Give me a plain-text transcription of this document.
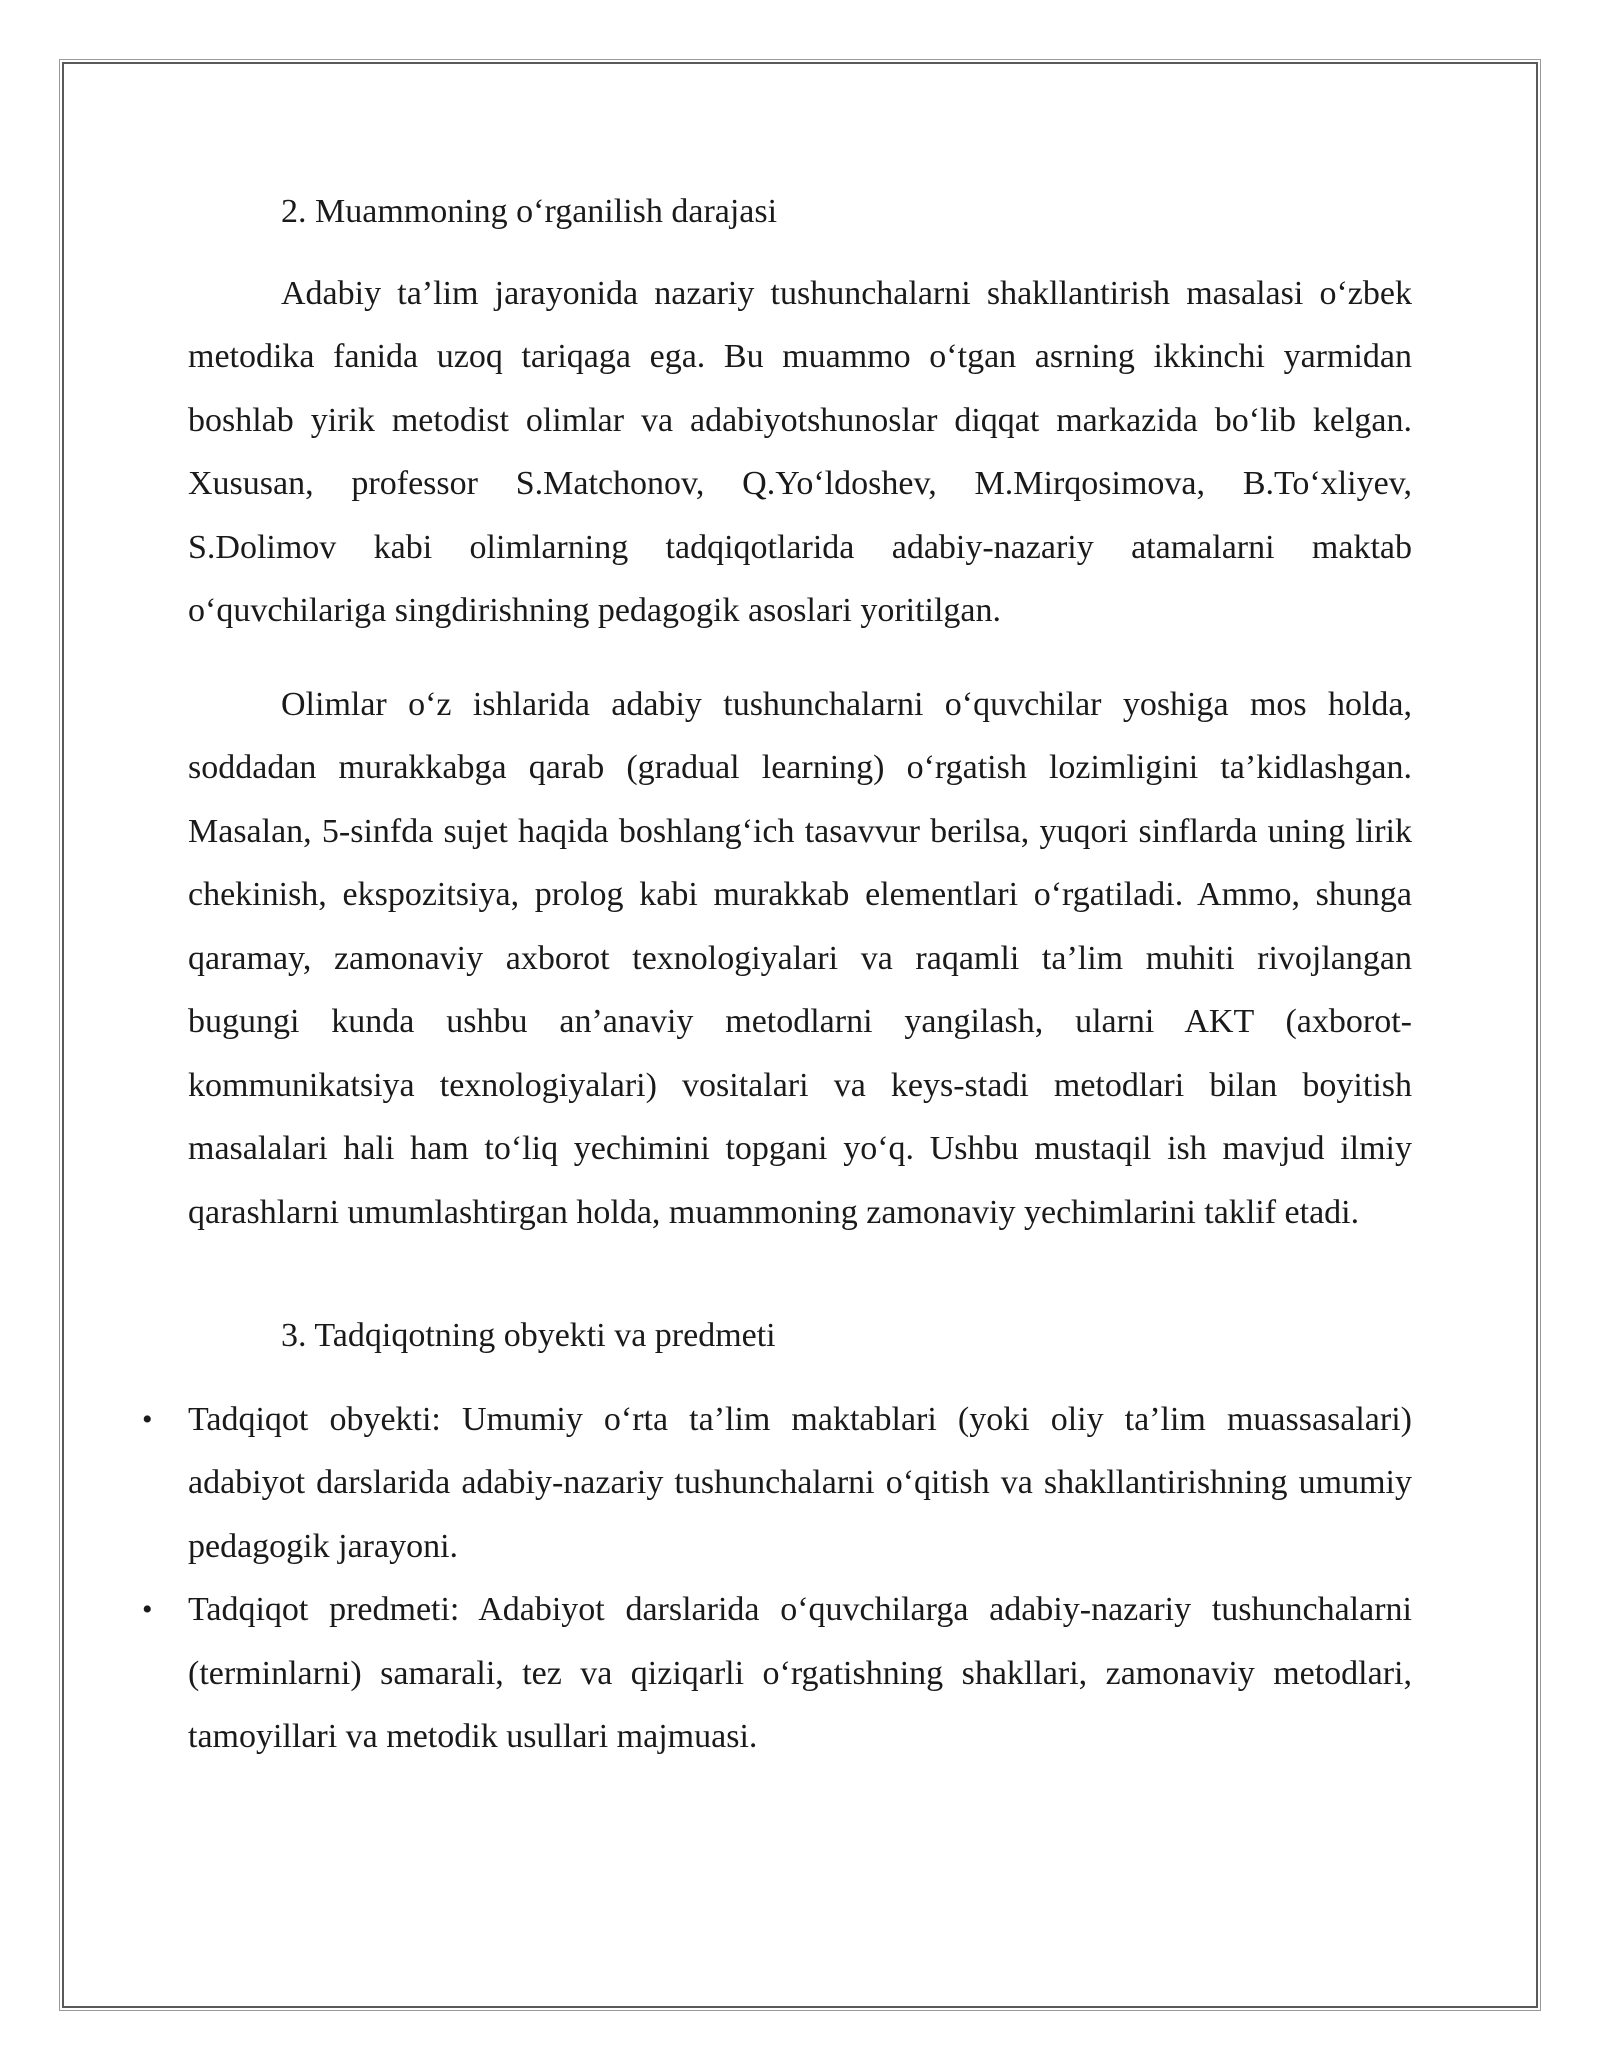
2. Muammoning o‘rganilish darajasi

Adabiy ta’lim jarayonida nazariy tushunchalarni shakllantirish masalasi o‘zbek metodika fanida uzoq tariqaga ega. Bu muammo o‘tgan asrning ikkinchi yarmidan boshlab yirik metodist olimlar va adabiyotshunoslar diqqat markazida bo‘lib kelgan. Xususan, professor S.Matchonov, Q.Yo‘ldoshev, M.Mirqosimova, B.To‘xliyev, S.Dolimov kabi olimlarning tadqiqotlarida adabiy-nazariy atamalarni maktab o‘quvchilariga singdirishning pedagogik asoslari yoritilgan.

Olimlar o‘z ishlarida adabiy tushunchalarni o‘quvchilar yoshiga mos holda, soddadan murakkabga qarab (gradual learning) o‘rgatish lozimligini ta’kidlashgan. Masalan, 5-sinfda sujet haqida boshlang‘ich tasavvur berilsa, yuqori sinflarda uning lirik chekinish, ekspozitsiya, prolog kabi murakkab elementlari o‘rgatiladi. Ammo, shunga qaramay, zamonaviy axborot texnologiyalari va raqamli ta’lim muhiti rivojlangan bugungi kunda ushbu an’anaviy metodlarni yangilash, ularni AKT (axborot-kommunikatsiya texnologiyalari) vositalari va keys-stadi metodlari bilan boyitish masalalari hali ham to‘liq yechimini topgani yo‘q. Ushbu mustaqil ish mavjud ilmiy qarashlarni umumlashtirgan holda, muammoning zamonaviy yechimlarini taklif etadi.

3. Tadqiqotning obyekti va predmeti
• Tadqiqot obyekti: Umumiy o‘rta ta’lim maktablari (yoki oliy ta’lim muassasalari) adabiyot darslarida adabiy-nazariy tushunchalarni o‘qitish va shakllantirishning umumiy pedagogik jarayoni.
• Tadqiqot predmeti: Adabiyot darslarida o‘quvchilarga adabiy-nazariy tushunchalarni (terminlarni) samarali, tez va qiziqarli o‘rgatishning shakllari, zamonaviy metodlari, tamoyillari va metodik usullari majmuasi.
